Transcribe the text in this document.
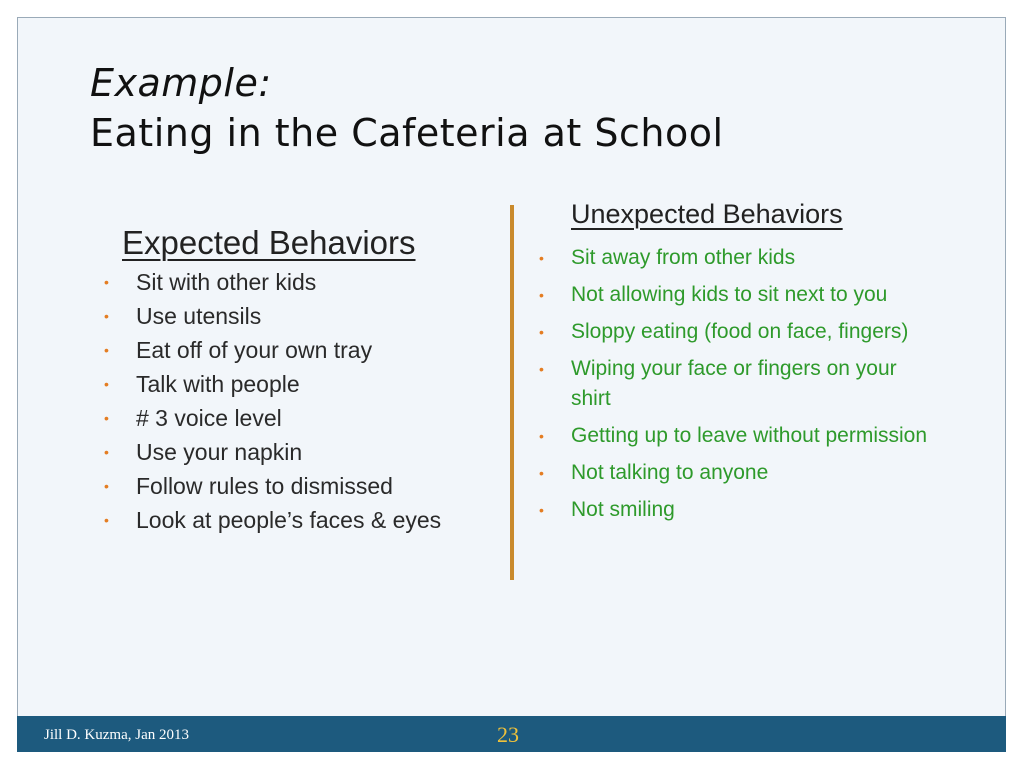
Example:
Eating in the Cafeteria at School
Expected Behaviors
• Sit with other kids
• Use utensils
• Eat off of your own tray
• Talk with people
• # 3 voice level
• Use your napkin
• Follow rules to dismissed
• Look at people’s faces & eyes
Unexpected Behaviors
• Sit away from other kids
• Not allowing kids to sit next to you
• Sloppy eating (food on face, fingers)
• Wiping your face or fingers on your shirt
• Getting up to leave without permission
• Not talking to anyone
• Not smiling
Jill D. Kuzma, Jan 2013	23
